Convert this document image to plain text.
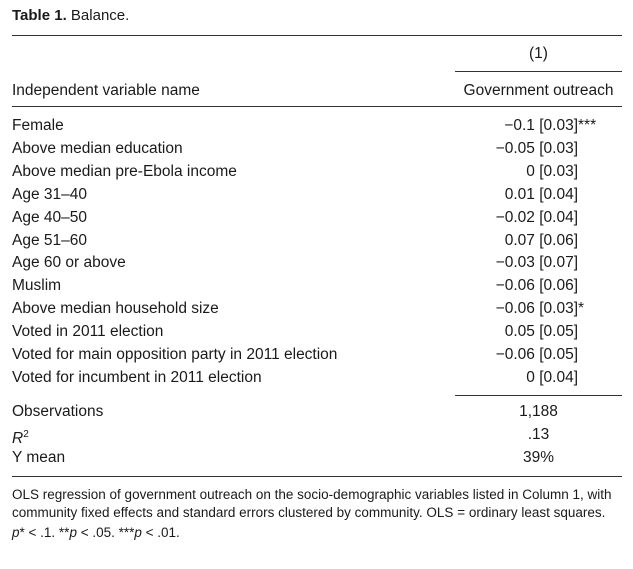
Table 1. Balance.
(1)
Independent variable name	Government outreach
Female	−0.1 [0.03] ***
Above median education	−0.05 [0.03]
Above median pre-Ebola income	0 [0.03]
Age 31–40	0.01 [0.04]
Age 40–50	−0.02 [0.04]
Age 51–60	0.07 [0.06]
Age 60 or above	−0.03 [0.07]
Muslim	−0.06 [0.06]
Above median household size	−0.06 [0.03] *
Voted in 2011 election	0.05 [0.05]
Voted for main opposition party in 2011 election	−0.06 [0.05]
Voted for incumbent in 2011 election	0 [0.04]
Observations	1,188
$R^2$	.13
Y mean	39%

OLS regression of government outreach on the socio-demographic variables listed in Column 1, with community fixed effects and standard errors clustered by community. OLS = ordinary least squares.

p* < .1. **p < .05. ***p < .01.
